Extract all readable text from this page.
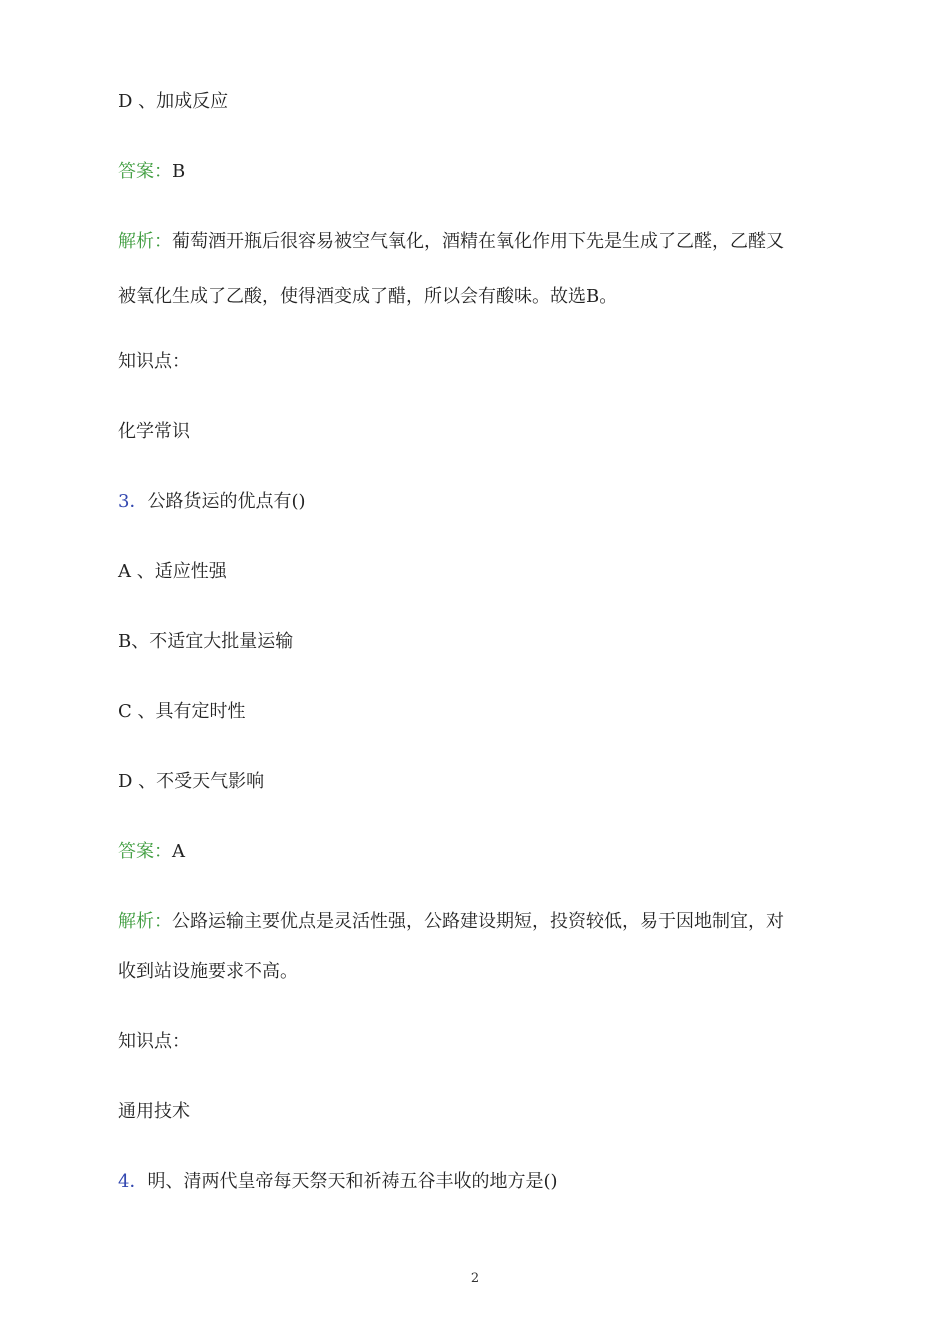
D 、加成反应
答案：B
解析：葡萄酒开瓶后很容易被空气氧化，酒精在氧化作用下先是生成了乙醛，乙醛又
被氧化生成了乙酸，使得酒变成了醋，所以会有酸味。故选B。
知识点：
化学常识
3．公路货运的优点有()
A 、适应性强
B、不适宜大批量运输
C 、具有定时性
D 、不受天气影响
答案：A
解析：公路运输主要优点是灵活性强，公路建设期短，投资较低，易于因地制宜，对
收到站设施要求不高。
知识点：
通用技术
4．明、清两代皇帝每天祭天和祈祷五谷丰收的地方是()
2
